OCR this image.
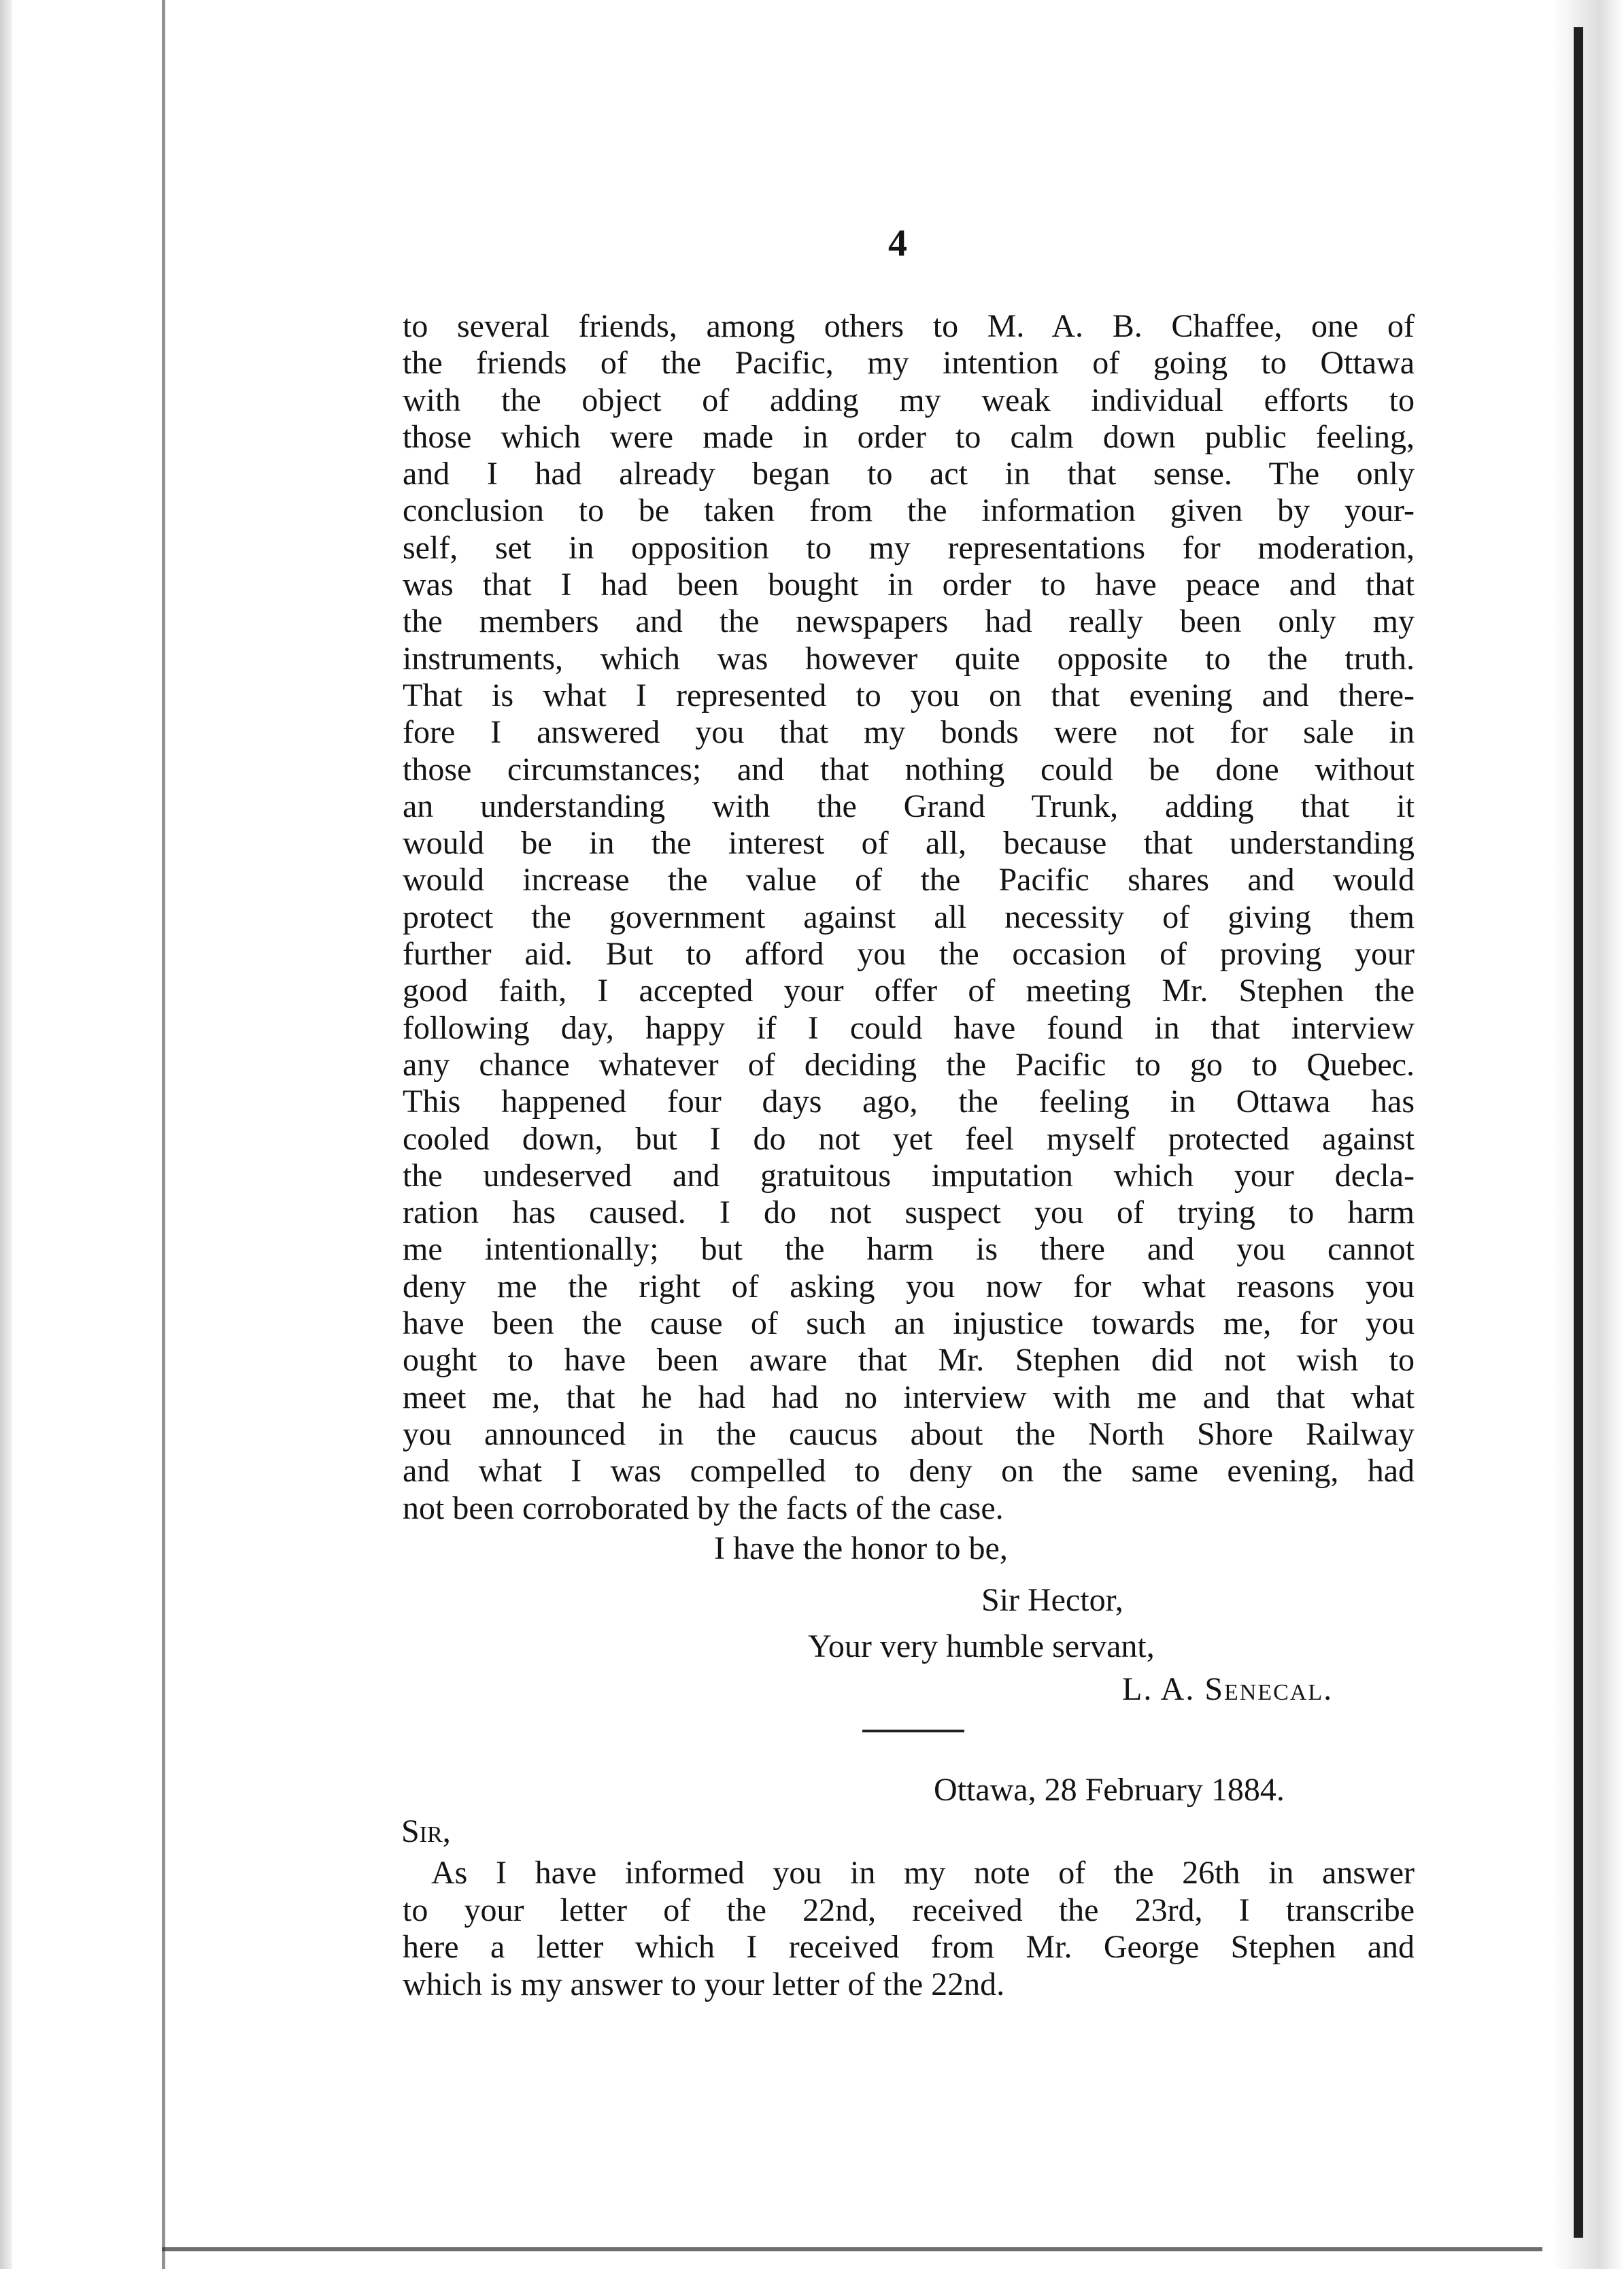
4
to several friends, among others to M. A. B. Chaffee, one of
the friends of the Pacific, my intention of going to Ottawa
with the object of adding my weak individual efforts to
those which were made in order to calm down public feeling,
and I had already began to act in that sense. The only
conclusion to be taken from the information given by your-
self, set in opposition to my representations for moderation,
was that I had been bought in order to have peace and that
the members and the newspapers had really been only my
instruments, which was however quite opposite to the truth.
That is what I represented to you on that evening and there-
fore I answered you that my bonds were not for sale in
those circumstances; and that nothing could be done without
an understanding with the Grand Trunk, adding that it
would be in the interest of all, because that understanding
would increase the value of the Pacific shares and would
protect the government against all necessity of giving them
further aid. But to afford you the occasion of proving your
good faith, I accepted your offer of meeting Mr. Stephen the
following day, happy if I could have found in that interview
any chance whatever of deciding the Pacific to go to Quebec.
This happened four days ago, the feeling in Ottawa has
cooled down, but I do not yet feel myself protected against
the undeserved and gratuitous imputation which your decla-
ration has caused. I do not suspect you of trying to harm
me intentionally; but the harm is there and you cannot
deny me the right of asking you now for what reasons you
have been the cause of such an injustice towards me, for you
ought to have been aware that Mr. Stephen did not wish to
meet me, that he had had no interview with me and that what
you announced in the caucus about the North Shore Railway
and what I was compelled to deny on the same evening, had
not been corroborated by the facts of the case.
I have the honor to be,
Sir Hector,
Your very humble servant,
L. A. Senecal.
Ottawa, 28 February 1884.
Sir,
As I have informed you in my note of the 26th in answer
to your letter of the 22nd, received the 23rd, I transcribe
here a letter which I received from Mr. George Stephen and
which is my answer to your letter of the 22nd.
